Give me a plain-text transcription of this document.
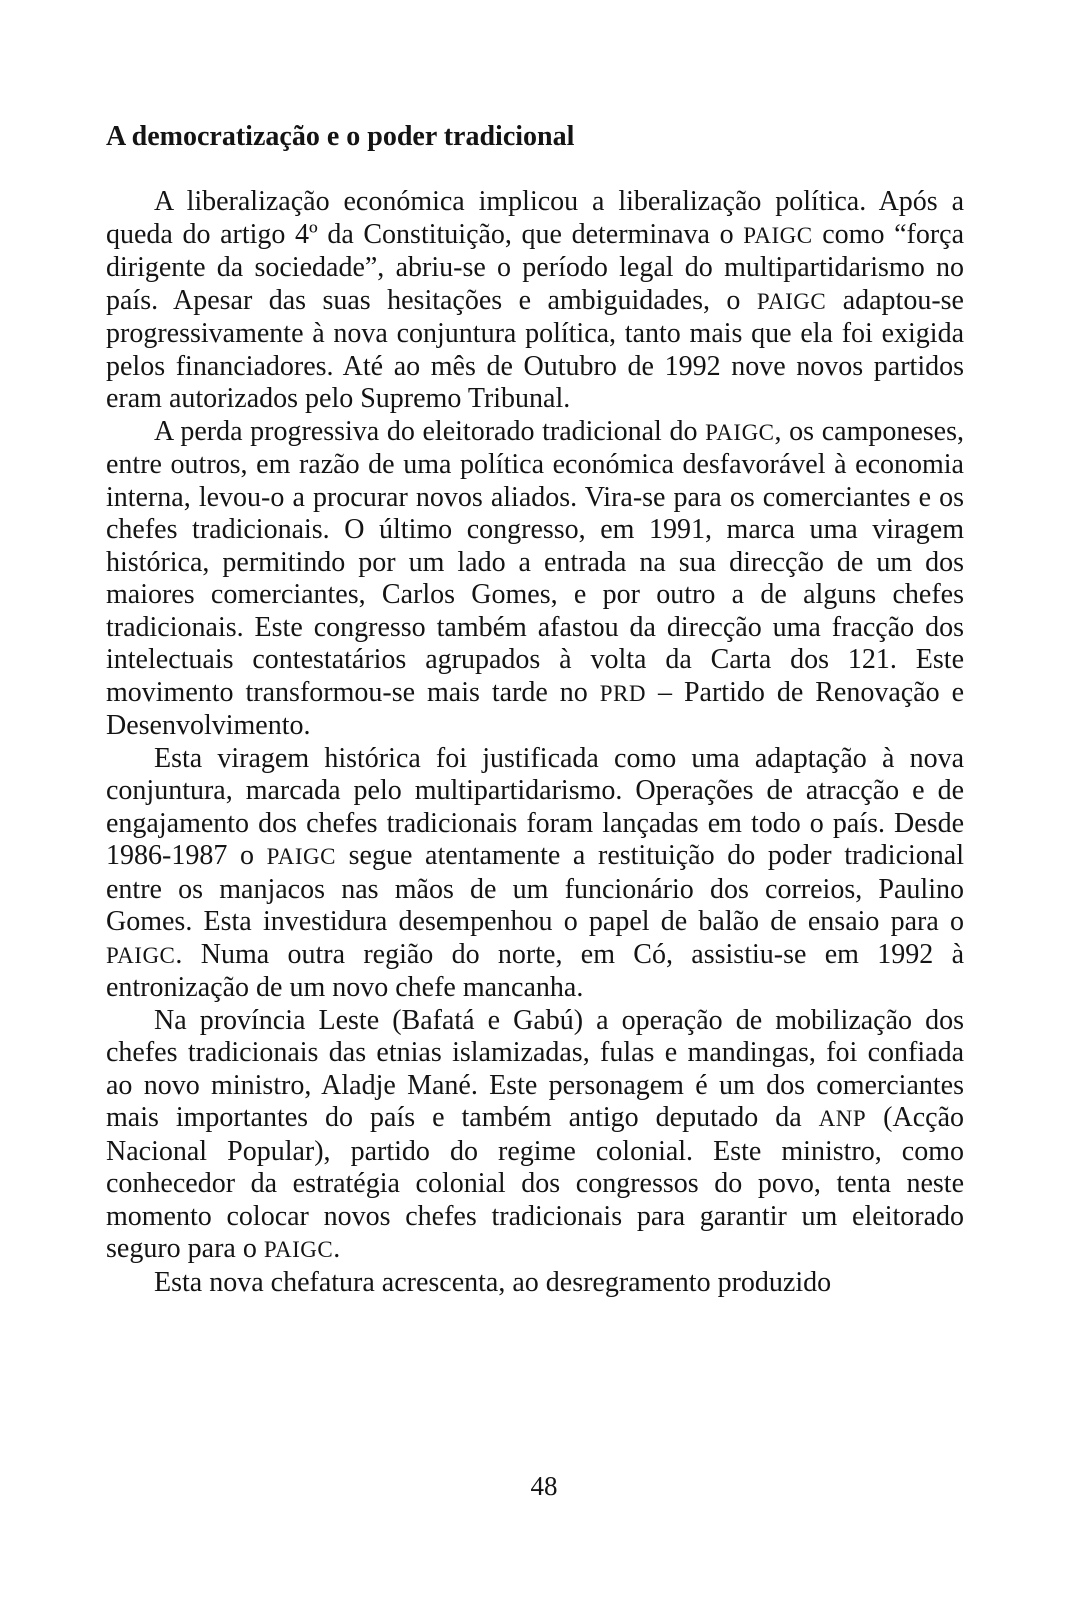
A democratização e o poder tradicional

A liberalização económica implicou a liberalização política. Após a queda do artigo 4º da Constituição, que determinava o PAIGC como “força dirigente da sociedade”, abriu-se o período legal do multipartidarismo no país. Apesar das suas hesitações e ambiguidades, o PAIGC adaptou-se progressivamente à nova conjuntura política, tanto mais que ela foi exigida pelos financiadores. Até ao mês de Outubro de 1992 nove novos partidos eram autorizados pelo Supremo Tribunal.

A perda progressiva do eleitorado tradicional do PAIGC, os camponeses, entre outros, em razão de uma política económica desfavorável à economia interna, levou-o a procurar novos aliados. Vira-se para os comerciantes e os chefes tradicionais. O último congresso, em 1991, marca uma viragem histórica, permitindo por um lado a entrada na sua direcção de um dos maiores comerciantes, Carlos Gomes, e por outro a de alguns chefes tradicionais. Este congresso também afastou da direcção uma fracção dos intelectuais contestatários agrupados à volta da Carta dos 121. Este movimento transformou-se mais tarde no PRD – Partido de Renovação e Desenvolvimento.

Esta viragem histórica foi justificada como uma adaptação à nova conjuntura, marcada pelo multipartidarismo. Operações de atracção e de engajamento dos chefes tradicionais foram lançadas em todo o país. Desde 1986-1987 o PAIGC segue atentamente a restituição do poder tradicional entre os manjacos nas mãos de um funcionário dos correios, Paulino Gomes. Esta investidura desempenhou o papel de balão de ensaio para o PAIGC. Numa outra região do norte, em Có, assistiu-se em 1992 à entronização de um novo chefe mancanha.

Na província Leste (Bafatá e Gabú) a operação de mobilização dos chefes tradicionais das etnias islamizadas, fulas e mandingas, foi confiada ao novo ministro, Aladje Mané. Este personagem é um dos comerciantes mais importantes do país e também antigo deputado da ANP (Acção Nacional Popular), partido do regime colonial. Este ministro, como conhecedor da estratégia colonial dos congressos do povo, tenta neste momento colocar novos chefes tradicionais para garantir um eleitorado seguro para o PAIGC.

Esta nova chefatura acrescenta, ao desregramento produzido

48
